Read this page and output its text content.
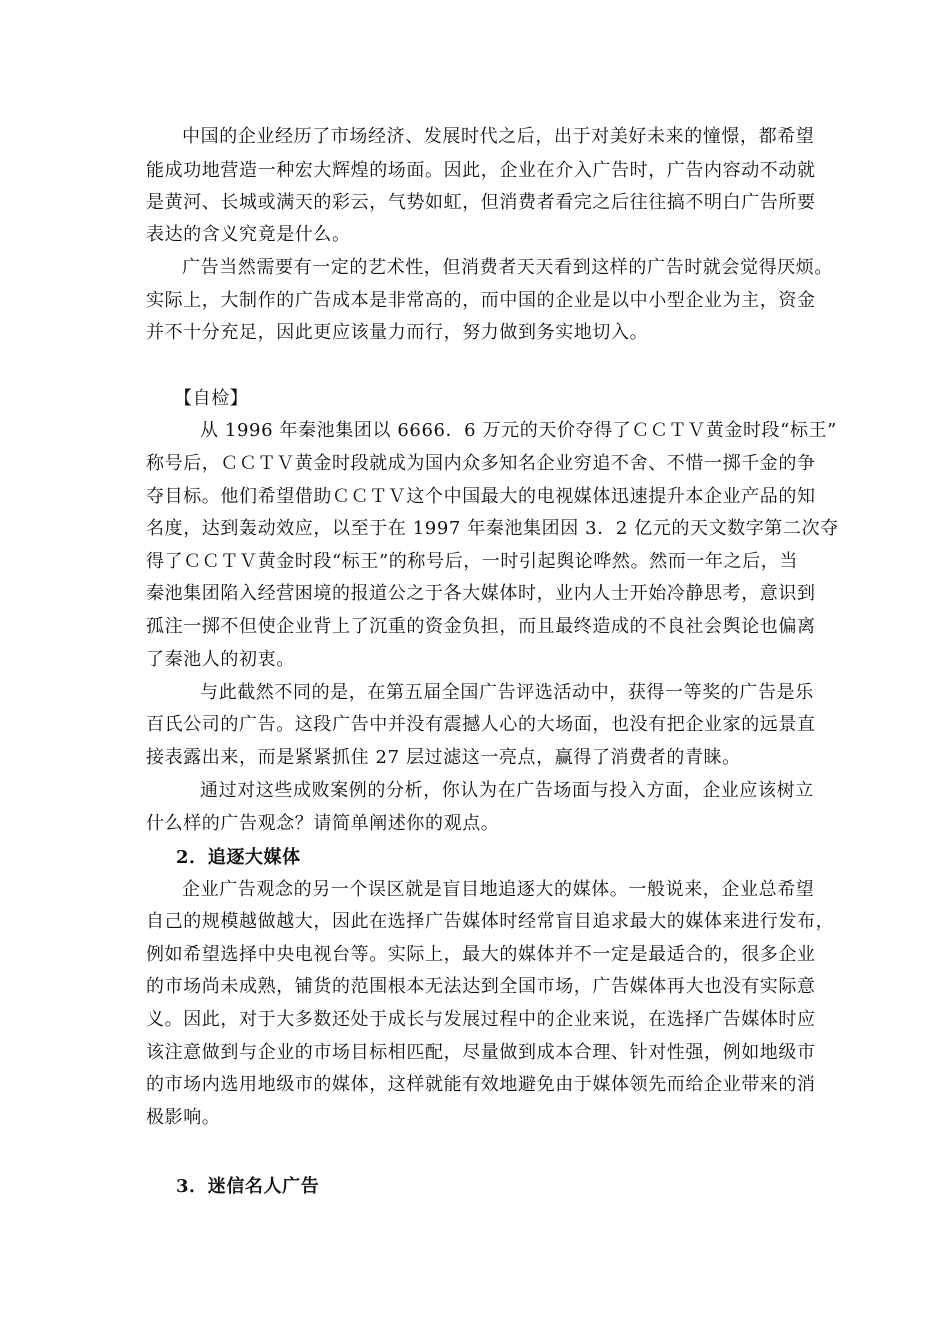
中国的企业经历了市场经济、发展时代之后，出于对美好未来的憧憬，都希望
能成功地营造一种宏大辉煌的场面。因此，企业在介入广告时，广告内容动不动就
是黄河、长城或满天的彩云，气势如虹，但消费者看完之后往往搞不明白广告所要
表达的含义究竟是什么。
广告当然需要有一定的艺术性，但消费者天天看到这样的广告时就会觉得厌烦。
实际上，大制作的广告成本是非常高的，而中国的企业是以中小型企业为主，资金
并不十分充足，因此更应该量力而行，努力做到务实地切入。
【自检】
从 1996 年秦池集团以 6666．6 万元的天价夺得了ＣＣＴＶ黄金时段“标王”
称号后，ＣＣＴＶ黄金时段就成为国内众多知名企业穷追不舍、不惜一掷千金的争
夺目标。他们希望借助ＣＣＴＶ这个中国最大的电视媒体迅速提升本企业产品的知
名度，达到轰动效应，以至于在 1997 年秦池集团因 3．2 亿元的天文数字第二次夺
得了ＣＣＴＶ黄金时段“标王”的称号后，一时引起舆论哗然。然而一年之后，当
秦池集团陷入经营困境的报道公之于各大媒体时，业内人士开始冷静思考，意识到
孤注一掷不但使企业背上了沉重的资金负担，而且最终造成的不良社会舆论也偏离
了秦池人的初衷。
与此截然不同的是，在第五届全国广告评选活动中，获得一等奖的广告是乐
百氏公司的广告。这段广告中并没有震撼人心的大场面，也没有把企业家的远景直
接表露出来，而是紧紧抓住 27 层过滤这一亮点，赢得了消费者的青睐。
通过对这些成败案例的分析，你认为在广告场面与投入方面，企业应该树立
什么样的广告观念？请简单阐述你的观点。
2．追逐大媒体
企业广告观念的另一个误区就是盲目地追逐大的媒体。一般说来，企业总希望
自己的规模越做越大，因此在选择广告媒体时经常盲目追求最大的媒体来进行发布，
例如希望选择中央电视台等。实际上，最大的媒体并不一定是最适合的，很多企业
的市场尚未成熟，铺货的范围根本无法达到全国市场，广告媒体再大也没有实际意
义。因此，对于大多数还处于成长与发展过程中的企业来说，在选择广告媒体时应
该注意做到与企业的市场目标相匹配，尽量做到成本合理、针对性强，例如地级市
的市场内选用地级市的媒体，这样就能有效地避免由于媒体领先而给企业带来的消
极影响。
3．迷信名人广告
